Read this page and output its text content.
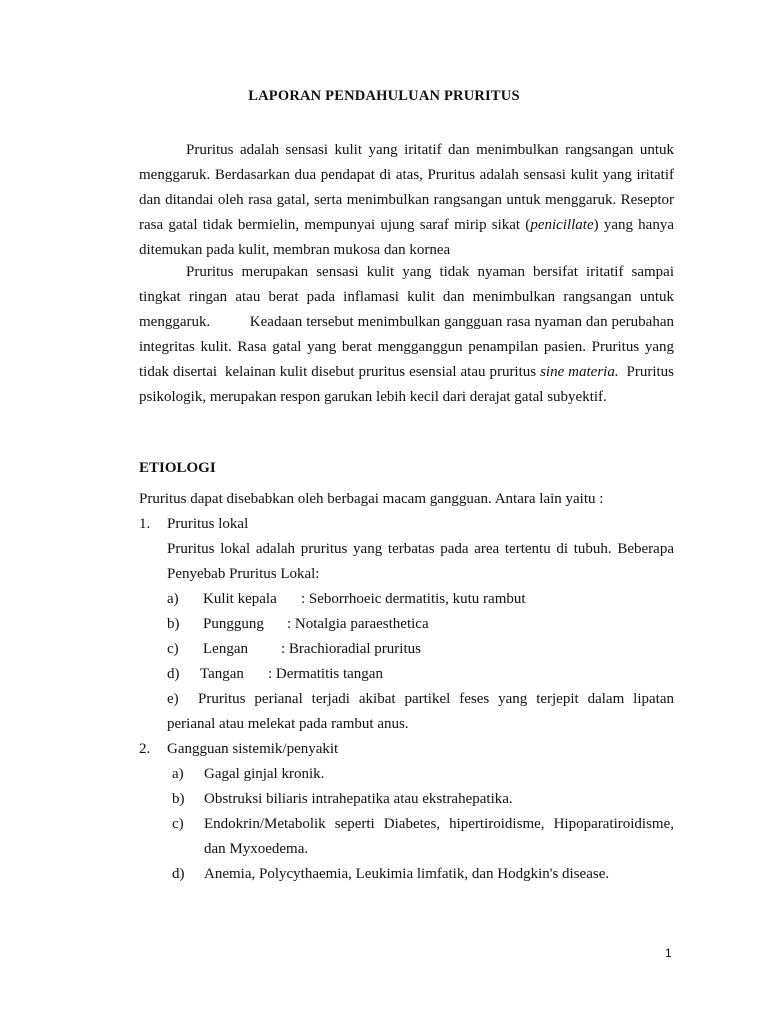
LAPORAN PENDAHULUAN PRURITUS

Pruritus adalah sensasi kulit yang iritatif dan menimbulkan rangsangan untuk menggaruk. Berdasarkan dua pendapat di atas, Pruritus adalah sensasi kulit yang iritatif dan ditandai oleh rasa gatal, serta menimbulkan rangsangan untuk menggaruk. Reseptor rasa gatal tidak bermielin, mempunyai ujung saraf mirip sikat (penicillate) yang hanya ditemukan pada kulit, membran mukosa dan kornea

Pruritus merupakan sensasi kulit yang tidak nyaman bersifat iritatif sampai tingkat ringan atau berat pada inflamasi kulit dan menimbulkan rangsangan untuk menggaruk.          Keadaan tersebut menimbulkan gangguan rasa nyaman dan perubahan integritas kulit. Rasa gatal yang berat mengganggun penampilan pasien. Pruritus yang tidak disertai  kelainan kulit disebut pruritus esensial atau pruritus sine materia.  Pruritus psikologik, merupakan respon garukan lebih kecil dari derajat gatal subyektif.

ETIOLOGI

Pruritus dapat disebabkan oleh berbagai macam gangguan. Antara lain yaitu :

1.	Pruritus lokal

Pruritus lokal adalah pruritus yang terbatas pada area tertentu di tubuh. Beberapa Penyebab Pruritus Lokal:

a) Kulit kepala : Seborrhoeic dermatitis, kutu rambut
b) Punggung : Notalgia paraesthetica
c) Lengan : Brachioradial pruritus
d) Tangan : Dermatitis tangan

e) Pruritus perianal terjadi akibat partikel feses yang terjepit dalam lipatan perianal atau melekat pada rambut anus.

2.	Gangguan sistemik/penyakit
a) Gagal ginjal kronik.
b) Obstruksi biliaris intrahepatika atau ekstrahepatika.
c) Endokrin/Metabolik seperti Diabetes, hipertiroidisme, Hipoparatiroidisme, dan Myxoedema.
d) Anemia, Polycythaemia, Leukimia limfatik, dan Hodgkin's disease.
1
